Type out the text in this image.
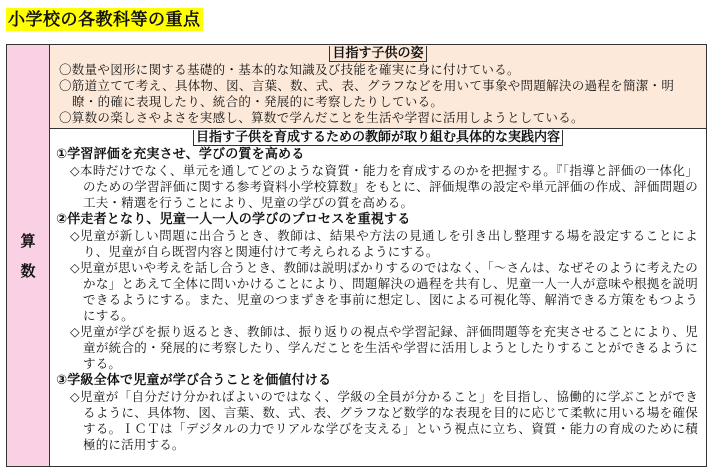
小学校の各教科等の重点
算
数
目指す子供の姿
〇数量や図形に関する基礎的・基本的な知識及び技能を確実に身に付けている。
〇筋道立てて考え、具体物、図、言葉、数、式、表、グラフなどを用いて事象や問題解決の過程を簡潔・明瞭・的確に表現したり、統合的・発展的に考察したりしている。
〇算数の楽しさやよさを実感し、算数で学んだことを生活や学習に活用しようとしている。
目指す子供を育成するための教師が取り組む具体的な実践内容
①学習評価を充実させ、学びの質を高める
◇本時だけでなく、単元を通してどのような資質・能力を育成するのかを把握する。『「指導と評価の一体化」のための学習評価に関する参考資料小学校算数』をもとに、評価規準の設定や単元評価の作成、評価問題の工夫・精選を行うことにより、児童の学びの質を高める。
②伴走者となり、児童一人一人の学びのプロセスを重視する
◇児童が新しい問題に出合うとき、教師は、結果や方法の見通しを引き出し整理する場を設定することにより、児童が自ら既習内容と関連付けて考えられるようにする。
◇児童が思いや考えを話し合うとき、教師は説明ばかりするのではなく、「～さんは、なぜそのように考えたのかな」とあえて全体に問いかけることにより、問題解決の過程を共有し、児童一人一人が意味や根拠を説明できるようにする。また、児童のつまずきを事前に想定し、図による可視化等、解消できる方策をもつようにする。
◇児童が学びを振り返るとき、教師は、振り返りの視点や学習記録、評価問題等を充実させることにより、児童が統合的・発展的に考察したり、学んだことを生活や学習に活用しようとしたりすることができるようにする。
③学級全体で児童が学び合うことを価値付ける
◇児童が「自分だけ分かればよいのではなく、学級の全員が分かること」を目指し、協働的に学ぶことができるように、具体物、図、言葉、数、式、表、グラフなど数学的な表現を目的に応じて柔軟に用いる場を確保する。ＩＣＴは「デジタルの力でリアルな学びを支える」という視点に立ち、資質・能力の育成のために積極的に活用する。
